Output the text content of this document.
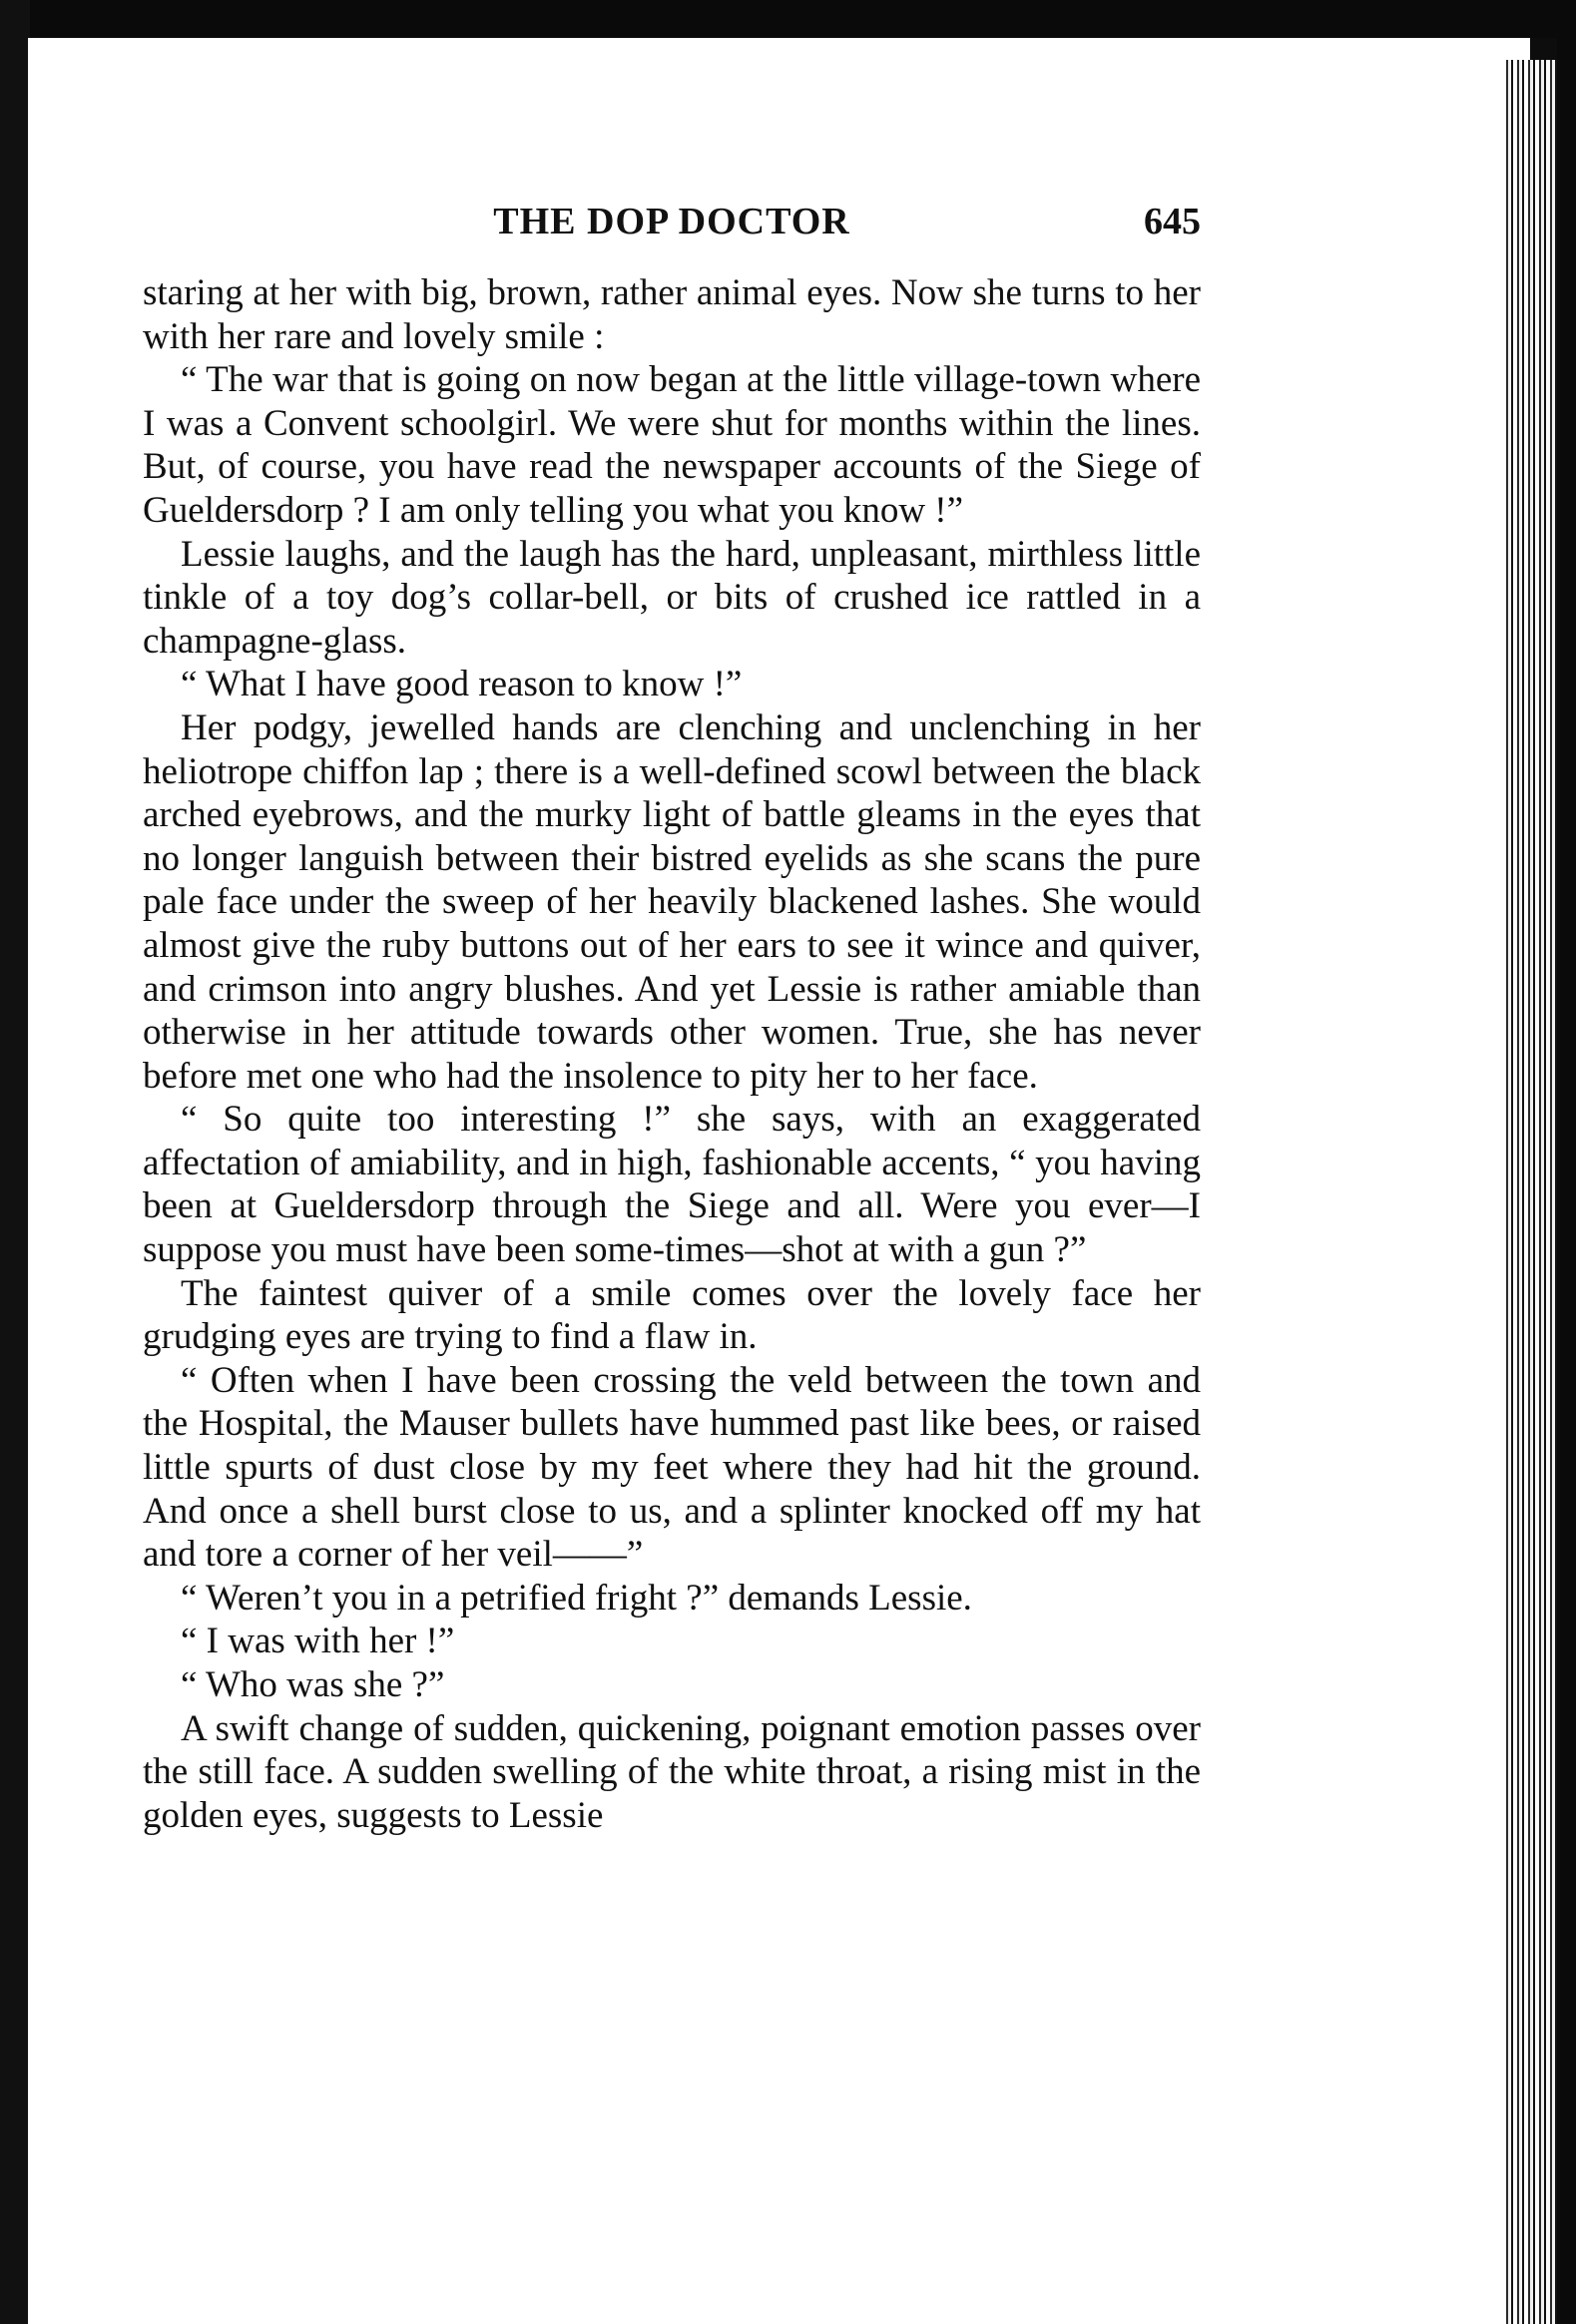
THE DOP DOCTOR	645

staring at her with big, brown, rather animal eyes. Now she turns to her with her rare and lovely smile :

“ The war that is going on now began at the little village-town where I was a Convent schoolgirl. We were shut for months within the lines. But, of course, you have read the newspaper accounts of the Siege of Gueldersdorp ? I am only telling you what you know !”

Lessie laughs, and the laugh has the hard, unpleasant, mirthless little tinkle of a toy dog’s collar-bell, or bits of crushed ice rattled in a champagne-glass.

“ What I have good reason to know !”

Her podgy, jewelled hands are clenching and unclenching in her heliotrope chiffon lap ; there is a well-defined scowl between the black arched eyebrows, and the murky light of battle gleams in the eyes that no longer languish between their bistred eyelids as she scans the pure pale face under the sweep of her heavily blackened lashes. She would almost give the ruby buttons out of her ears to see it wince and quiver, and crimson into angry blushes. And yet Lessie is rather amiable than otherwise in her attitude towards other women. True, she has never before met one who had the insolence to pity her to her face.

“ So quite too interesting !” she says, with an exaggerated affectation of amiability, and in high, fashionable accents, “ you having been at Gueldersdorp through the Siege and all. Were you ever—I suppose you must have been some-times—shot at with a gun ?”

The faintest quiver of a smile comes over the lovely face her grudging eyes are trying to find a flaw in.

“ Often when I have been crossing the veld between the town and the Hospital, the Mauser bullets have hummed past like bees, or raised little spurts of dust close by my feet where they had hit the ground. And once a shell burst close to us, and a splinter knocked off my hat and tore a corner of her veil——”

“ Weren’t you in a petrified fright ?” demands Lessie.

“ I was with her !”

“ Who was she ?”

A swift change of sudden, quickening, poignant emotion passes over the still face. A sudden swelling of the white throat, a rising mist in the golden eyes, suggests to Lessie
